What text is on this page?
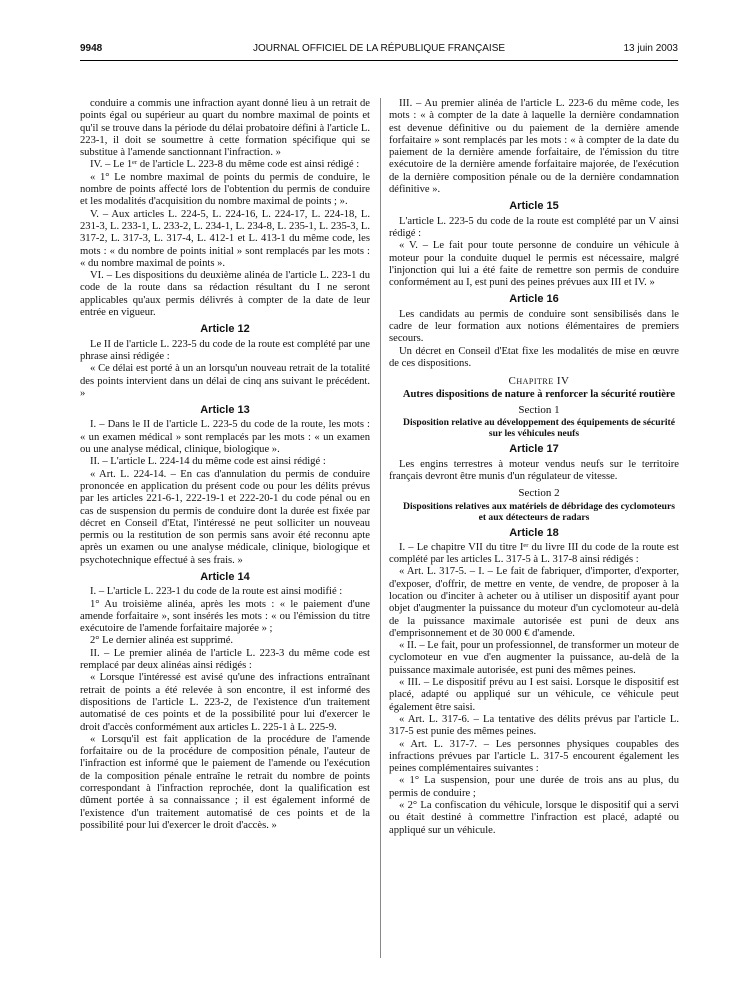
9948	JOURNAL OFFICIEL DE LA RÉPUBLIQUE FRANÇAISE	13 juin 2003

conduire a commis une infraction ayant donné lieu à un retrait de points égal ou supérieur au quart du nombre maximal de points et qu'il se trouve dans la période du délai probatoire défini à l'article L. 223-1, il doit se soumettre à cette formation spécifique qui se substitue à l'amende sanctionnant l'infraction. »

IV. – Le 1ᵉʳ de l'article L. 223-8 du même code est ainsi rédigé :

« 1° Le nombre maximal de points du permis de conduire, le nombre de points affecté lors de l'obtention du permis de conduire et les modalités d'acquisition du nombre maximal de points ; ».

V. – Aux articles L. 224-5, L. 224-16, L. 224-17, L. 224-18, L. 231-3, L. 233-1, L. 233-2, L. 234-1, L. 234-8, L. 235-1, L. 235-3, L. 317-2, L. 317-3, L. 317-4, L. 412-1 et L. 413-1 du même code, les mots : « du nombre de points initial » sont remplacés par les mots : « du nombre maximal de points ».

VI. – Les dispositions du deuxième alinéa de l'article L. 223-1 du code de la route dans sa rédaction résultant du I ne seront applicables qu'aux permis délivrés à compter de la date de leur entrée en vigueur.

Article 12

Le II de l'article L. 223-5 du code de la route est complété par une phrase ainsi rédigée :

« Ce délai est porté à un an lorsqu'un nouveau retrait de la totalité des points intervient dans un délai de cinq ans suivant le précédent. »

Article 13

I. – Dans le II de l'article L. 223-5 du code de la route, les mots : « un examen médical » sont remplacés par les mots : « un examen ou une analyse médical, clinique, biologique ».

II. – L'article L. 224-14 du même code est ainsi rédigé :

« Art. L. 224-14. – En cas d'annulation du permis de conduire prononcée en application du présent code ou pour les délits prévus par les articles 221-6-1, 222-19-1 et 222-20-1 du code pénal ou en cas de suspension du permis de conduire dont la durée est fixée par décret en Conseil d'Etat, l'intéressé ne peut solliciter un nouveau permis ou la restitution de son permis sans avoir été reconnu apte après un examen ou une analyse médicale, clinique, biologique et psychotechnique effectué à ses frais. »

Article 14

I. – L'article L. 223-1 du code de la route est ainsi modifié :

1° Au troisième alinéa, après les mots : « le paiement d'une amende forfaitaire », sont insérés les mots : « ou l'émission du titre exécutoire de l'amende forfaitaire majorée » ;

2° Le dernier alinéa est supprimé.

II. – Le premier alinéa de l'article L. 223-3 du même code est remplacé par deux alinéas ainsi rédigés :

« Lorsque l'intéressé est avisé qu'une des infractions entraînant retrait de points a été relevée à son encontre, il est informé des dispositions de l'article L. 223-2, de l'existence d'un traitement automatisé de ces points et de la possibilité pour lui d'exercer le droit d'accès conformément aux articles L. 225-1 à L. 225-9.

« Lorsqu'il est fait application de la procédure de l'amende forfaitaire ou de la procédure de composition pénale, l'auteur de l'infraction est informé que le paiement de l'amende ou l'exécution de la composition pénale entraîne le retrait du nombre de points correspondant à l'infraction reprochée, dont la qualification est dûment portée à sa connaissance ; il est également informé de l'existence d'un traitement automatisé de ces points et de la possibilité pour lui d'exercer le droit d'accès. »

III. – Au premier alinéa de l'article L. 223-6 du même code, les mots : « à compter de la date à laquelle la dernière condamnation est devenue définitive ou du paiement de la dernière amende forfaitaire » sont remplacés par les mots : « à compter de la date du paiement de la dernière amende forfaitaire, de l'émission du titre exécutoire de la dernière amende forfaitaire majorée, de l'exécution de la dernière composition pénale ou de la dernière condamnation définitive ».

Article 15

L'article L. 223-5 du code de la route est complété par un V ainsi rédigé :

« V. – Le fait pour toute personne de conduire un véhicule à moteur pour la conduite duquel le permis est nécessaire, malgré l'injonction qui lui a été faite de remettre son permis de conduire conformément au I, est puni des peines prévues aux III et IV. »

Article 16

Les candidats au permis de conduire sont sensibilisés dans le cadre de leur formation aux notions élémentaires de premiers secours.

Un décret en Conseil d'Etat fixe les modalités de mise en œuvre de ces dispositions.

Chapitre IV

Autres dispositions de nature à renforcer la sécurité routière

Section 1

Disposition relative au développement des équipements de sécurité sur les véhicules neufs

Article 17

Les engins terrestres à moteur vendus neufs sur le territoire français devront être munis d'un régulateur de vitesse.

Section 2

Dispositions relatives aux matériels de débridage des cyclomoteurs et aux détecteurs de radars

Article 18

I. – Le chapitre VII du titre Iᵉʳ du livre III du code de la route est complété par les articles L. 317-5 à L. 317-8 ainsi rédigés :

« Art. L. 317-5. – I. – Le fait de fabriquer, d'importer, d'exporter, d'exposer, d'offrir, de mettre en vente, de vendre, de proposer à la location ou d'inciter à acheter ou à utiliser un dispositif ayant pour objet d'augmenter la puissance du moteur d'un cyclomoteur au-delà de la puissance maximale autorisée est puni de deux ans d'emprisonnement et de 30 000 € d'amende.

« II. – Le fait, pour un professionnel, de transformer un moteur de cyclomoteur en vue d'en augmenter la puissance, au-delà de la puissance maximale autorisée, est puni des mêmes peines.

« III. – Le dispositif prévu au I est saisi. Lorsque le dispositif est placé, adapté ou appliqué sur un véhicule, ce véhicule peut également être saisi.

« Art. L. 317-6. – La tentative des délits prévus par l'article L. 317-5 est punie des mêmes peines.

« Art. L. 317-7. – Les personnes physiques coupables des infractions prévues par l'article L. 317-5 encourent également les peines complémentaires suivantes :

« 1° La suspension, pour une durée de trois ans au plus, du permis de conduire ;

« 2° La confiscation du véhicule, lorsque le dispositif qui a servi ou était destiné à commettre l'infraction est placé, adapté ou appliqué sur un véhicule.
